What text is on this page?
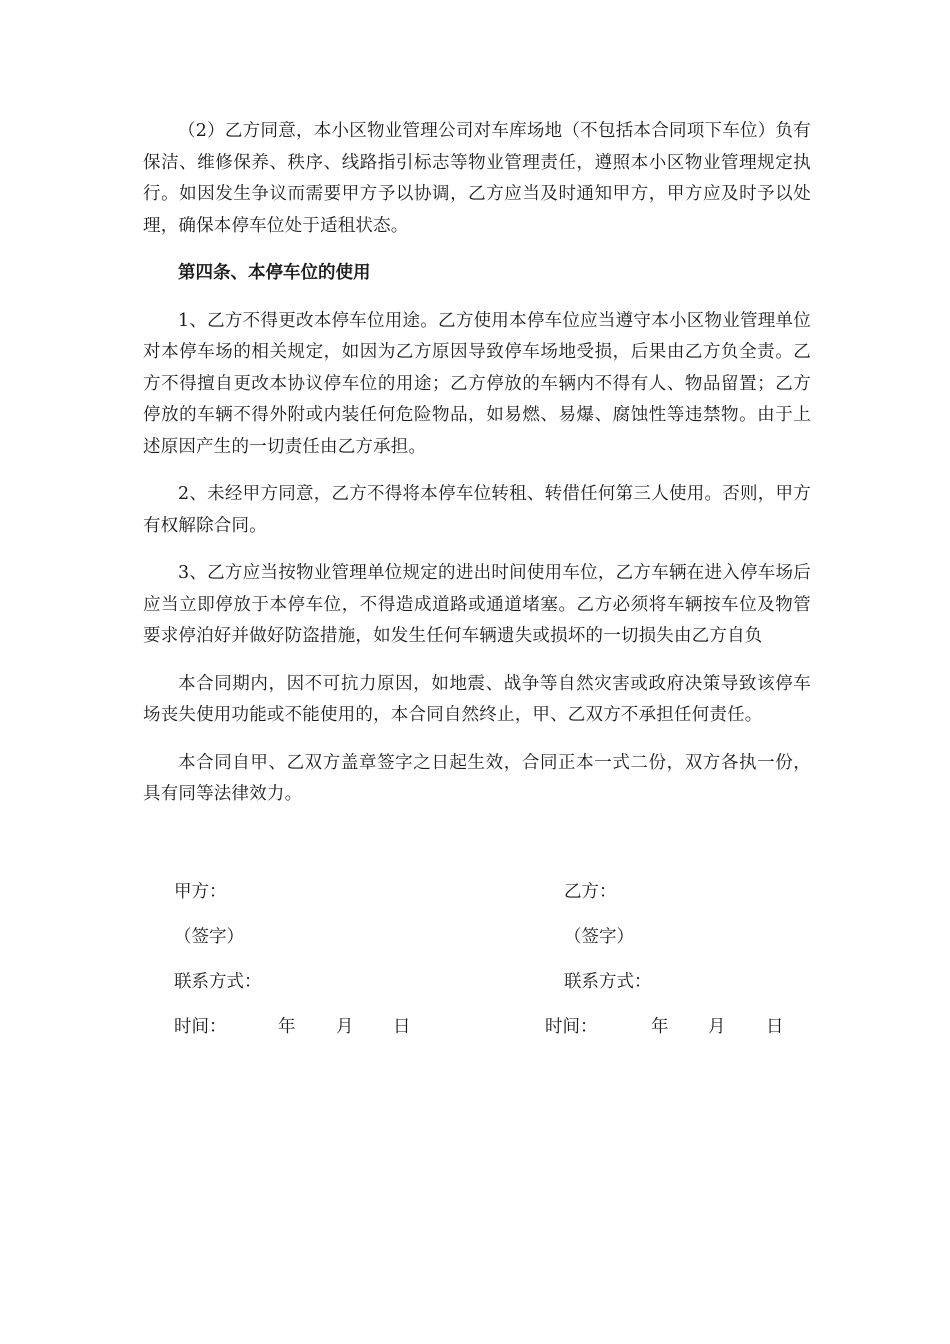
（2）乙方同意，本小区物业管理公司对车库场地（不包括本合同项下车位）负有保洁、维修保养、秩序、线路指引标志等物业管理责任，遵照本小区物业管理规定执行。如因发生争议而需要甲方予以协调，乙方应当及时通知甲方，甲方应及时予以处理，确保本停车位处于适租状态。

第四条、本停车位的使用

1、乙方不得更改本停车位用途。乙方使用本停车位应当遵守本小区物业管理单位对本停车场的相关规定，如因为乙方原因导致停车场地受损，后果由乙方负全责。乙方不得擅自更改本协议停车位的用途；乙方停放的车辆内不得有人、物品留置；乙方停放的车辆不得外附或内装任何危险物品，如易燃、易爆、腐蚀性等违禁物。由于上述原因产生的一切责任由乙方承担。

2、未经甲方同意，乙方不得将本停车位转租、转借任何第三人使用。否则，甲方有权解除合同。

3、乙方应当按物业管理单位规定的进出时间使用车位，乙方车辆在进入停车场后应当立即停放于本停车位，不得造成道路或通道堵塞。乙方必须将车辆按车位及物管要求停泊好并做好防盗措施，如发生任何车辆遗失或损坏的一切损失由乙方自负

本合同期内，因不可抗力原因，如地震、战争等自然灾害或政府决策导致该停车场丧失使用功能或不能使用的，本合同自然终止，甲、乙双方不承担任何责任。

本合同自甲、乙双方盖章签字之日起生效，合同正本一式二份，双方各执一份，具有同等法律效力。

甲方：
（签字）
联系方式：
时间：	年 月 日
乙方：
（签字）
联系方式：
时间：	年 月 日
